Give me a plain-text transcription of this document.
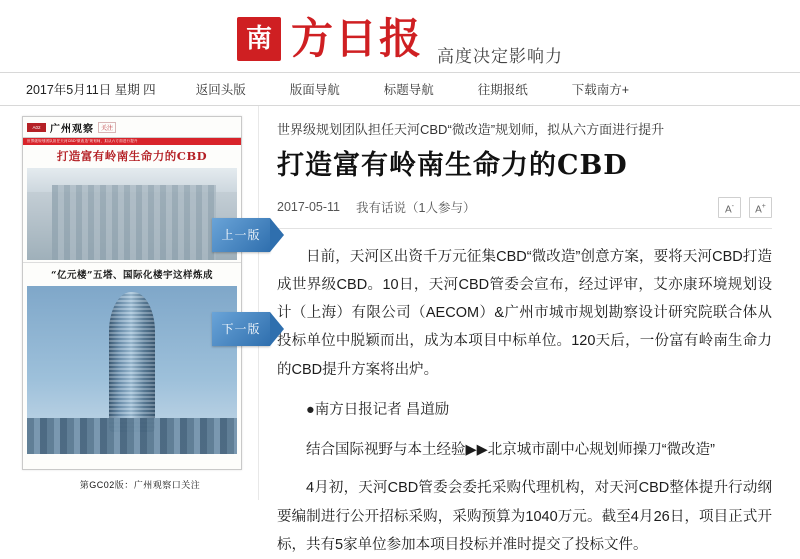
南 方日报 高度决定影响力
2017年5月11日 星期 四	返回头版	版面导航	标题导航	往期报纸	下载南方+
A02 广州观察	关注
世界级规划团队担任天河CBD“微改造”规划师，拟从六方面进行提升
打造富有岭南生命力的CBD
“亿元楼”五塔、国际化楼宇这样炼成
第GC02版：广州观察口关注
上一版
下一版
世界级规划团队担任天河CBD“微改造”规划师，拟从六方面进行提升
打造富有岭南生命力的CBD
2017-05-11 我有话说 （1人参与）	A-	A+

日前，天河区出资千万元征集CBD“微改造”创意方案，要将天河CBD打造成世界级CBD。10日，天河CBD管委会宣布，经过评审，艾亦康环境规划设计（上海）有限公司（AECOM）&广州市城市规划勘察设计研究院联合体从投标单位中脱颖而出，成为本项目中标单位。120天后，一份富有岭南生命力的CBD提升方案将出炉。

●南方日报记者 昌道励
结合国际视野与本土经验▶▶北京城市副中心规划师操刀“微改造”

4月初，天河CBD管委会委托采购代理机构，对天河CBD整体提升行动纲要编制进行公开招标采购，采购预算为1040万元。截至4月26日，项目正式开标，共有5家单位参加本项目投标并准时提交了投标文件。
